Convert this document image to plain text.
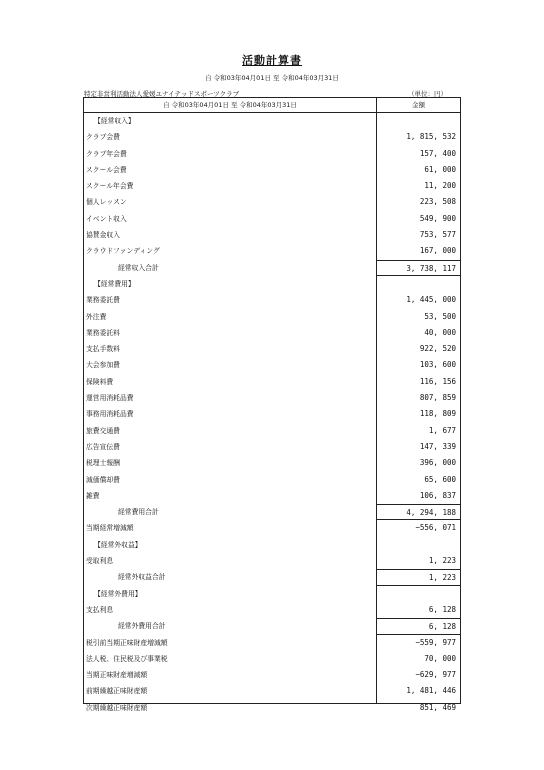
活動計算書
自 令和03年04月01日 至 令和04年03月31日
特定非営利活動法人愛媛ユナイテッドスポーツクラブ	（単位：円）
自 令和03年04月01日 至 令和04年03月31日	金額
【経常収入】
クラブ会費	1, 815, 532
クラブ年会費	157, 400
スクール会費	61, 000
スクール年会費	11, 200
個人レッスン	223, 508
イベント収入	549, 900
協賛金収入	753, 577
クラウドファンディング	167, 000
経常収入合計	3, 738, 117
【経常費用】
業務委託費	1, 445, 000
外注費	53, 500
業務委託料	40, 000
支払手数料	922, 520
大会参加費	103, 600
保険料費	116, 156
運営用消耗品費	807, 859
事務用消耗品費	118, 809
旅費交通費	1, 677
広告宣伝費	147, 339
税理士報酬	396, 000
減価償却費	65, 600
雑費	106, 837
経常費用合計	4, 294, 188
当期経常増減額	−556, 071
【経常外収益】
受取利息	1, 223
経常外収益合計	1, 223
【経常外費用】
支払利息	6, 128
経常外費用合計	6, 128
税引前当期正味財産増減額	−559, 977
法人税、住民税及び事業税	70, 000
当期正味財産増減額	−629, 977
前期繰越正味財産額	1, 481, 446
次期繰越正味財産額	851, 469
